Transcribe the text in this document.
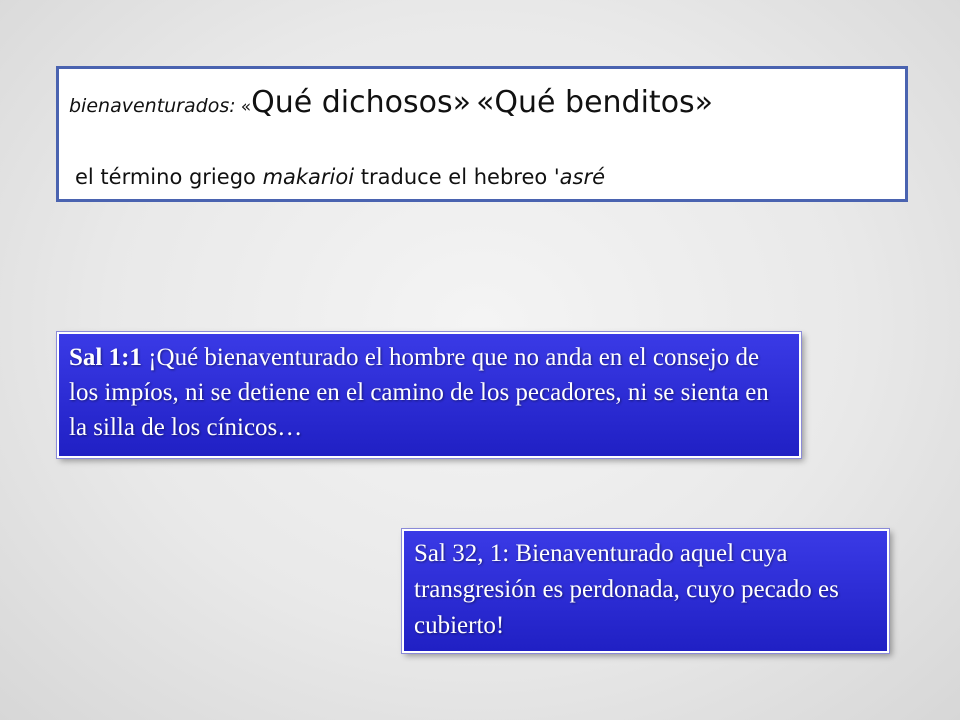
bienaventurados: «Qué dichosos» «Qué benditos»
el término griego makarioi traduce el hebreo 'asré
Sal 1:1 ¡Qué bienaventurado el hombre que no anda en el consejo de los impíos, ni se detiene en el camino de los pecadores, ni se sienta en la silla de los cínicos…
Sal 32, 1: Bienaventurado aquel cuya transgresión es perdonada, cuyo pecado es cubierto!
